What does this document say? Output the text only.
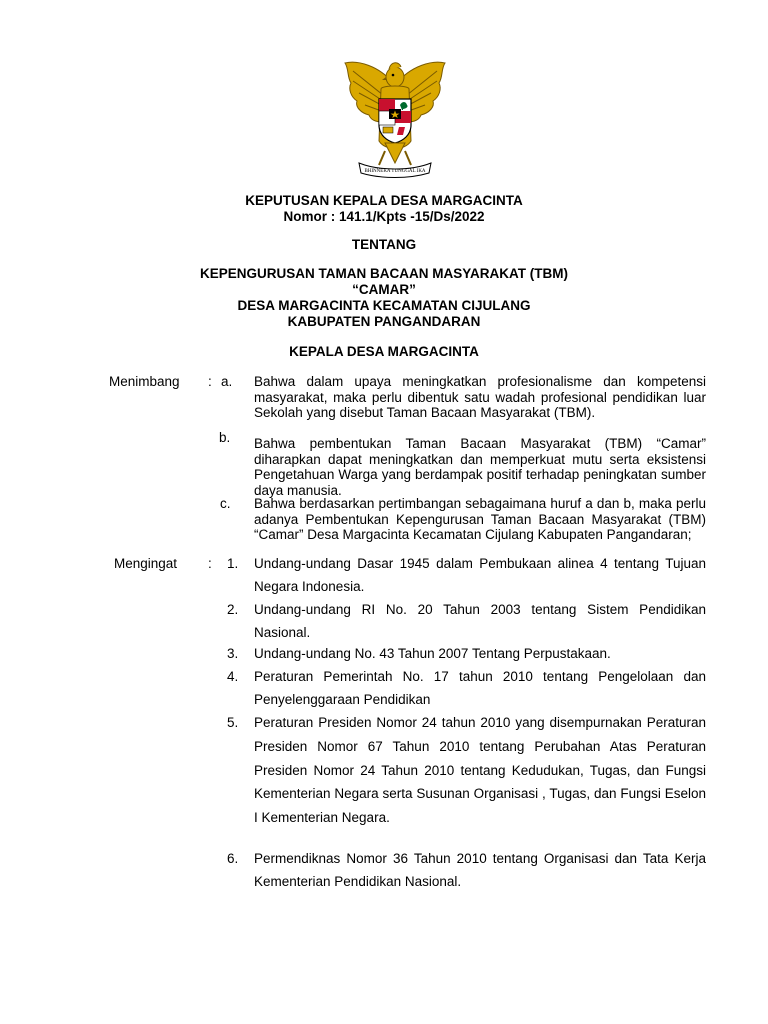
BHINNEKA TUNGGAL IKA
KEPUTUSAN KEPALA DESA MARGACINTA
Nomor : 141.1/Kpts -15/Ds/2022
TENTANG
KEPENGURUSAN TAMAN BACAAN MASYARAKAT (TBM)
“CAMAR”
DESA MARGACINTA KECAMATAN CIJULANG
KABUPATEN PANGANDARAN
KEPALA DESA MARGACINTA
Menimbang : a. Bahwa dalam upaya meningkatkan profesionalisme dan kompetensi masyarakat, maka perlu dibentuk satu wadah profesional pendidikan luar Sekolah yang disebut Taman Bacaan Masyarakat (TBM).
b. Bahwa pembentukan Taman Bacaan Masyarakat (TBM) “Camar” diharapkan dapat meningkatkan dan memperkuat mutu serta eksistensi Pengetahuan Warga yang berdampak positif terhadap peningkatan sumber daya manusia.
c. Bahwa berdasarkan pertimbangan sebagaimana huruf a dan b, maka perlu adanya Pembentukan Kepengurusan Taman Bacaan Masyarakat (TBM) “Camar” Desa Margacinta Kecamatan Cijulang Kabupaten Pangandaran;
Mengingat : 1. Undang-undang Dasar 1945 dalam Pembukaan alinea 4 tentang Tujuan Negara Indonesia.
2. Undang-undang RI No. 20 Tahun 2003 tentang Sistem Pendidikan Nasional.
3. Undang-undang No. 43 Tahun 2007 Tentang Perpustakaan.
4. Peraturan Pemerintah No. 17 tahun 2010 tentang Pengelolaan dan Penyelenggaraan Pendidikan
5. Peraturan Presiden Nomor 24 tahun 2010 yang disempurnakan Peraturan Presiden Nomor 67 Tahun 2010 tentang Perubahan Atas Peraturan Presiden Nomor 24 Tahun 2010 tentang Kedudukan, Tugas, dan Fungsi Kementerian Negara serta Susunan Organisasi , Tugas, dan Fungsi Eselon I Kementerian Negara.
6. Permendiknas Nomor 36 Tahun 2010 tentang Organisasi dan Tata Kerja Kementerian Pendidikan Nasional.
